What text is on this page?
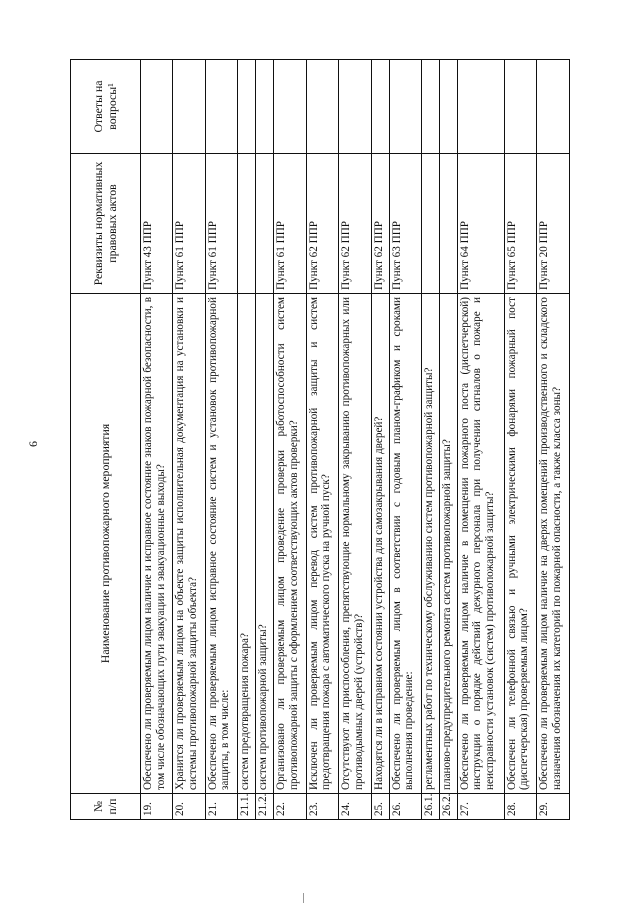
6
№ п/п	Наименование противопожарного мероприятия	Реквизиты нормативных правовых актов	Ответы на вопросы¹
19.	Обеспечено ли проверяемым лицом наличие и исправное состояние знаков пожарной безопасности, в том числе обозначающих пути эвакуации и эвакуационные выходы?	Пункт 43 ППР	
20.	Хранится ли проверяемым лицом на объекте защиты исполнительная документация на установки и системы противопожарной защиты объекта?	Пункт 61 ППР	
21.	Обеспечено ли проверяемым лицом исправное состояние систем и установок противопожарной защиты, в том числе:	Пункт 61 ППР	
21.1.	систем предотвращения пожара?		
21.2.	систем противопожарной защиты?		
22.	Организовано ли проверяемым лицом проведение проверки работоспособности систем противопожарной защиты с оформлением соответствующих актов проверки?	Пункт 61 ППР	
23.	Исключен ли проверяемым лицом перевод систем противопожарной защиты и систем предотвращения пожара с автоматического пуска на ручной пуск?	Пункт 62 ППР	
24.	Отсутствуют ли приспособления, препятствующие нормальному закрыванию противопожарных или противодымных дверей (устройств)?	Пункт 62 ППР	
25.	Находятся ли в исправном состоянии устройства для самозакрывания дверей?	Пункт 62 ППР	
26.	Обеспечено ли проверяемым лицом в соответствии с годовым планом-графиком и сроками выполнения проведение:	Пункт 63 ППР	
26.1.	регламентных работ по техническому обслуживанию систем противопожарной защиты?		
26.2.	планово-предупредительного ремонта систем противопожарной защиты?		
27.	Обеспечено ли проверяемым лицом наличие в помещении пожарного поста (диспетчерской) инструкции о порядке действий дежурного персонала при получении сигналов о пожаре и неисправности установок (систем) противопожарной защиты?	Пункт 64 ППР	
28.	Обеспечен ли телефонной связью и ручными электрическими фонарями пожарный пост (диспетчерская) проверяемым лицом?	Пункт 65 ППР	
29.	Обеспечено ли проверяемым лицом наличие на дверях помещений производственного и складского назначения обозначения их категорий по пожарной опасности, а также класса зоны?	Пункт 20 ППР	
